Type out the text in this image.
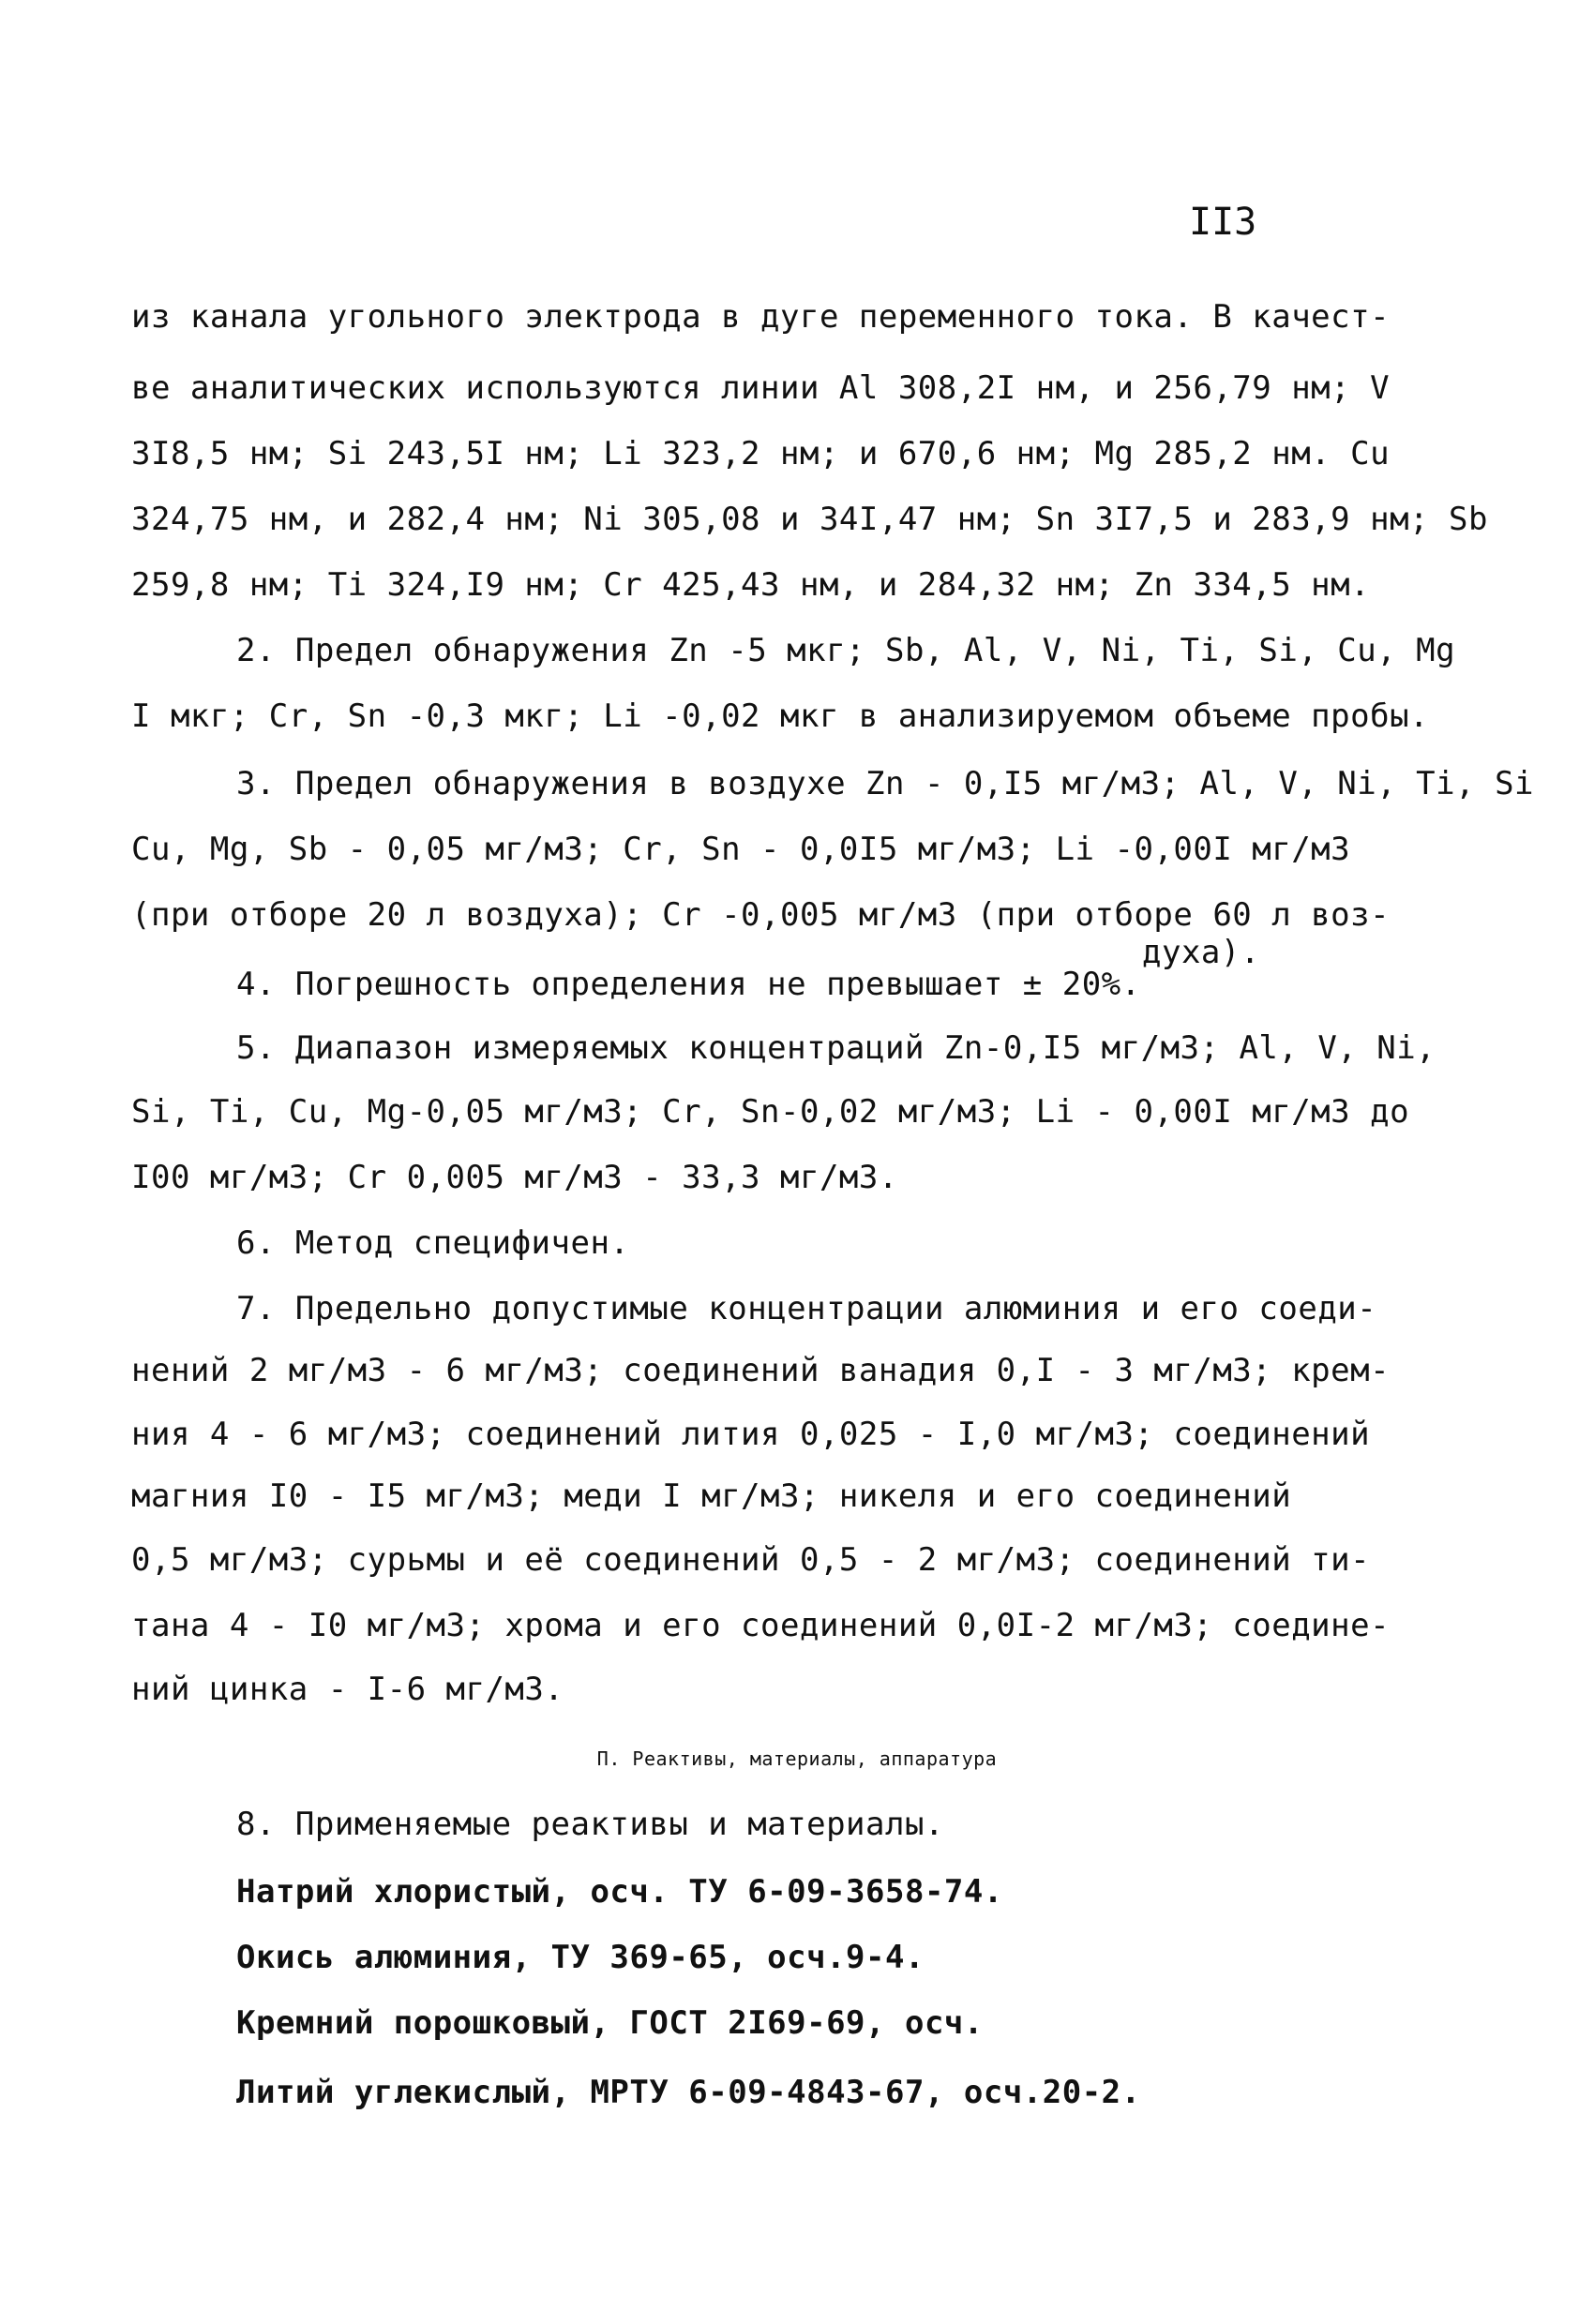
II3
из канала угольного электрода в дуге переменного тока. В качест-
ве аналитических используются линии Al 308,2I нм, и 256,79 нм; V
3I8,5 нм; Si 243,5I нм; Li 323,2 нм; и 670,6 нм; Mg 285,2 нм. Cu
324,75 нм, и 282,4 нм; Ni 305,08 и 34I,47 нм; Sn 3I7,5 и 283,9 нм; Sb
259,8 нм; Ti 324,I9 нм; Cr 425,43 нм, и 284,32 нм; Zn 334,5 нм.
2. Предел обнаружения Zn -5 мкг; Sb, Al, V, Ni, Ti, Si, Cu, Mg
I мкг; Cr, Sn -0,3 мкг; Li -0,02 мкг в анализируемом объеме пробы.
3. Предел обнаружения в воздухе Zn - 0,I5 мг/м3; Al, V, Ni, Ti, Si
Cu, Mg, Sb - 0,05 мг/м3; Cr, Sn - 0,0I5 мг/м3; Li -0,00I мг/м3
(при отборе 20 л воздуха); Cr -0,005 мг/м3 (при отборе 60 л воз-
духа).
4. Погрешность определения не превышает ± 20%.
5. Диапазон измеряемых концентраций Zn-0,I5 мг/м3; Al, V, Ni,
Si, Ti, Cu, Mg-0,05 мг/м3; Cr, Sn-0,02 мг/м3; Li - 0,00I мг/м3 до
I00 мг/м3; Cr 0,005 мг/м3 - 33,3 мг/м3.
6. Метод специфичен.
7. Предельно допустимые концентрации алюминия и его соеди-
нений 2 мг/м3 - 6 мг/м3; соединений ванадия 0,I - 3 мг/м3; крем-
ния 4 - 6 мг/м3; соединений лития 0,025 - I,0 мг/м3; соединений
магния I0 - I5 мг/м3; меди I мг/м3; никеля и его соединений
0,5 мг/м3; сурьмы и её соединений 0,5 - 2 мг/м3; соединений ти-
тана 4 - I0 мг/м3; хрома и его соединений 0,0I-2 мг/м3; соедине-
ний цинка - I-6 мг/м3.
П. Реактивы, материалы, аппаратура
8. Применяемые реактивы и материалы.
Натрий хлористый, осч. ТУ 6-09-3658-74.
Окись алюминия, ТУ 369-65, осч.9-4.
Кремний порошковый, ГОСТ 2I69-69, осч.
Литий углекислый, МРТУ 6-09-4843-67, осч.20-2.
